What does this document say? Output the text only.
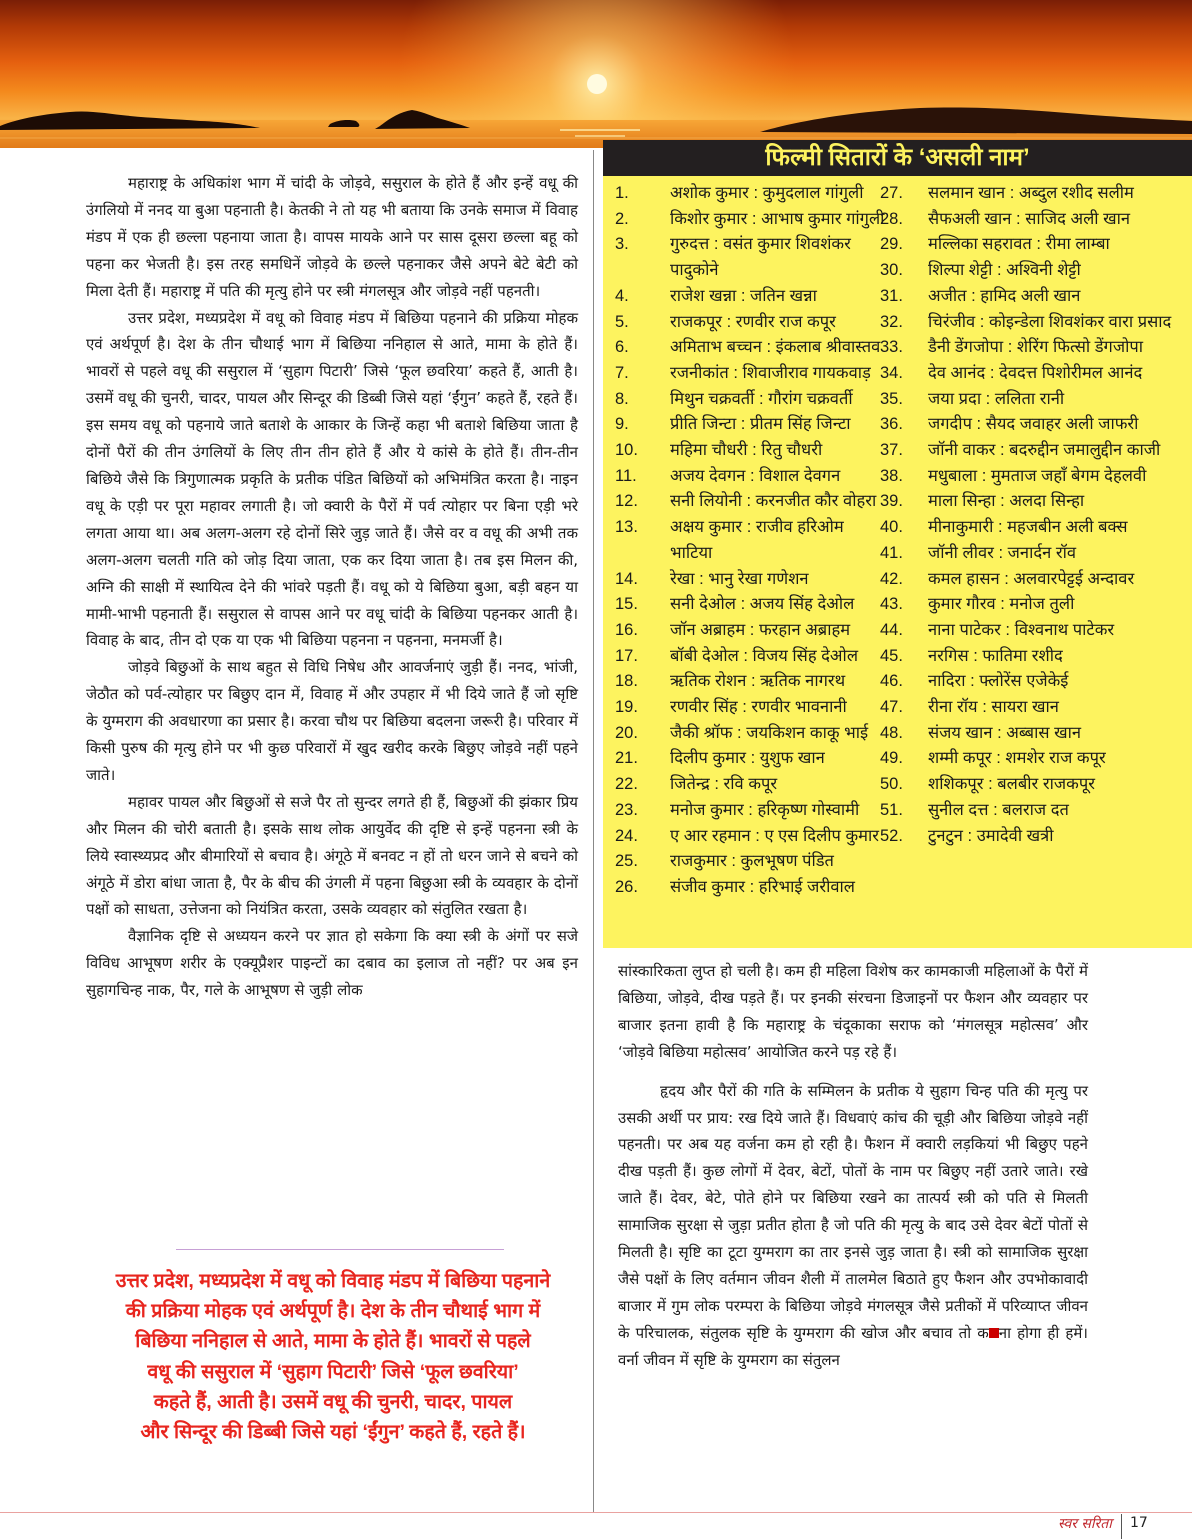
फिल्मी सितारों के ‘असली नाम’
1. अशोक कुमार : कुमुदलाल गांगुली
2. किशोर कुमार : आभाष कुमार गांगुली
3. गुरुदत्त : वसंत कुमार शिवशंकर पादुकोने
4. राजेश खन्ना : जतिन खन्ना
5. राजकपूर : रणवीर राज कपूर
6. अमिताभ बच्चन : इंकलाब श्रीवास्तव
7. रजनीकांत : शिवाजीराव गायकवाड़
8. मिथुन चक्रवर्ती : गौरांग चक्रवर्ती
9. प्रीति जिन्टा : प्रीतम सिंह जिन्टा
10. महिमा चौधरी : रितु चौधरी
11. अजय देवगन : विशाल देवगन
12. सनी लियोनी : करनजीत कौर वोहरा
13. अक्षय कुमार : राजीव हरिओम भाटिया
14. रेखा : भानु रेखा गणेशन
15. सनी देओल : अजय सिंह देओल
16. जॉन अब्राहम : फरहान अब्राहम
17. बॉबी देओल : विजय सिंह देओल
18. ऋतिक रोशन : ऋतिक नागरथ
19. रणवीर सिंह : रणवीर भावनानी
20. जैकी श्रॉफ : जयकिशन काकू भाई
21. दिलीप कुमार : युशुफ खान
22. जितेन्द्र : रवि कपूर
23. मनोज कुमार : हरिकृष्ण गोस्वामी
24. ए आर रहमान : ए एस दिलीप कुमार
25. राजकुमार : कुलभूषण पंडित
26. संजीव कुमार : हरिभाई जरीवाल
27. सलमान खान : अब्दुल रशीद सलीम
28. सैफअली खान : साजिद अली खान
29. मल्लिका सहरावत : रीमा लाम्बा
30. शिल्पा शेट्टी : अश्विनी शेट्टी
31. अजीत : हामिद अली खान
32. चिरंजीव : कोइन्डेला शिवशंकर वारा प्रसाद
33. डैनी डेंगजोपा : शेरिंग फित्सो डेंगजोपा
34. देव आनंद : देवदत्त पिशोरीमल आनंद
35. जया प्रदा : ललिता रानी
36. जगदीप : सैयद जवाहर अली जाफरी
37. जॉनी वाकर : बदरुद्दीन जमालुद्दीन काजी
38. मधुबाला : मुमताज जहाँ बेगम देहलवी
39. माला सिन्हा : अलदा सिन्हा
40. मीनाकुमारी : महजबीन अली बक्स
41. जॉनी लीवर : जनार्दन रॉव
42. कमल हासन : अलवारपेट्टई अन्दावर
43. कुमार गौरव : मनोज तुली
44. नाना पाटेकर : विश्वनाथ पाटेकर
45. नरगिस : फातिमा रशीद
46. नादिरा : फ्लोरेंस एजेकेई
47. रीना रॉय : सायरा खान
48. संजय खान : अब्बास खान
49. शम्मी कपूर : शमशेर राज कपूर
50. शशिकपूर : बलबीर राजकपूर
51. सुनील दत्त : बलराज दत
52. टुनटुन : उमादेवी खत्री

महाराष्ट्र के अधिकांश भाग में चांदी के जोड़वे, ससुराल के होते हैं और इन्हें वधू की उंगलियो में ननद या बुआ पहनाती है। केतकी ने तो यह भी बताया कि उनके समाज में विवाह मंडप में एक ही छल्ला पहनाया जाता है। वापस मायके आने पर सास दूसरा छल्ला बहू को पहना कर भेजती है। इस तरह समधिनें जोड़वे के छल्ले पहनाकर जैसे अपने बेटे बेटी को मिला देती हैं। महाराष्ट्र में पति की मृत्यु होने पर स्त्री मंगलसूत्र और जोड़वे नहीं पहनती।

उत्तर प्रदेश, मध्यप्रदेश में वधू को विवाह मंडप में बिछिया पहनाने की प्रक्रिया मोहक एवं अर्थपूर्ण है। देश के तीन चौथाई भाग में बिछिया ननिहाल से आते, मामा के होते हैं। भावरों से पहले वधू की ससुराल में ‘सुहाग पिटारी’ जिसे ‘फूल छवरिया’ कहते हैं, आती है। उसमें वधू की चुनरी, चादर, पायल और सिन्दूर की डिब्बी जिसे यहां ‘ईंगुन’ कहते हैं, रहते हैं। इस समय वधू को पहनाये जाते बताशे के आकार के जिन्हें कहा भी बताशे बिछिया जाता है दोनों पैरों की तीन उंगलियों के लिए तीन तीन होते हैं और ये कांसे के होते हैं। तीन-तीन बिछिये जैसे कि त्रिगुणात्मक प्रकृति के प्रतीक पंडित बिछियों को अभिमंत्रित करता है। नाइन वधू के एड़ी पर पूरा महावर लगाती है। जो क्वारी के पैरों में पर्व त्योहार पर बिना एड़ी भरे लगता आया था। अब अलग-अलग रहे दोनों सिरे जुड़ जाते हैं। जैसे वर व वधू की अभी तक अलग-अलग चलती गति को जोड़ दिया जाता, एक कर दिया जाता है। तब इस मिलन की, अग्नि की साक्षी में स्थायित्व देने की भांवरे पड़ती हैं। वधू को ये बिछिया बुआ, बड़ी बहन या मामी-भाभी पहनाती हैं। ससुराल से वापस आने पर वधू चांदी के बिछिया पहनकर आती है। विवाह के बाद, तीन दो एक या एक भी बिछिया पहनना न पहनना, मनमर्जी है।

जोड़वे बिछुओं के साथ बहुत से विधि निषेध और आवर्जनाएं जुड़ी हैं। ननद, भांजी, जेठौत को पर्व-त्योहार पर बिछुए दान में, विवाह में और उपहार में भी दिये जाते हैं जो सृष्टि के युग्मराग की अवधारणा का प्रसार है। करवा चौथ पर बिछिया बदलना जरूरी है। परिवार में किसी पुरुष की मृत्यु होने पर भी कुछ परिवारों में खुद खरीद करके बिछुए जोड़वे नहीं पहने जाते।

महावर पायल और बिछुओं से सजे पैर तो सुन्दर लगते ही हैं, बिछुओं की झंकार प्रिय और मिलन की चोरी बताती है। इसके साथ लोक आयुर्वेद की दृष्टि से इन्हें पहनना स्त्री के लिये स्वास्थ्यप्रद और बीमारियों से बचाव है। अंगूठे में बनवट न हों तो धरन जाने से बचने को अंगूठे में डोरा बांधा जाता है, पैर के बीच की उंगली में पहना बिछुआ स्त्री के व्यवहार के दोनों पक्षों को साधता, उत्तेजना को नियंत्रित करता, उसके व्यवहार को संतुलित रखता है।

वैज्ञानिक दृष्टि से अध्ययन करने पर ज्ञात हो सकेगा कि क्या स्त्री के अंगों पर सजे विविध आभूषण शरीर के एक्यूप्रैशर पाइन्टों का दबाव का इलाज तो नहीं? पर अब इन सुहागचिन्ह नाक, पैर, गले के आभूषण से जुड़ी लोक

उत्तर प्रदेश, मध्यप्रदेश में वधू को विवाह मंडप में बिछिया पहनाने
की प्रक्रिया मोहक एवं अर्थपूर्ण है। देश के तीन चौथाई भाग में
बिछिया ननिहाल से आते, मामा के होते हैं। भावरों से पहले
वधू की ससुराल में ‘सुहाग पिटारी’ जिसे ‘फूल छवरिया’
कहते हैं, आती है। उसमें वधू की चुनरी, चादर, पायल
और सिन्दूर की डिब्बी जिसे यहां ‘ईंगुन’ कहते हैं, रहते हैं।

सांस्कारिकता लुप्त हो चली है। कम ही महिला विशेष कर कामकाजी महिलाओं के पैरों में बिछिया, जोड़वे, दीख पड़ते हैं। पर इनकी संरचना डिजाइनों पर फैशन और व्यवहार पर बाजार इतना हावी है कि महाराष्ट्र के चंदूकाका सराफ को ‘मंगलसूत्र महोत्सव’ और ‘जोड़वे बिछिया महोत्सव’ आयोजित करने पड़ रहे हैं।

हृदय और पैरों की गति के सम्मिलन के प्रतीक ये सुहाग चिन्ह पति की मृत्यु पर उसकी अर्थी पर प्राय: रख दिये जाते हैं। विधवाएं कांच की चूड़ी और बिछिया जोड़वे नहीं पहनती। पर अब यह वर्जना कम हो रही है। फैशन में क्वारी लड़कियां भी बिछुए पहने दीख पड़ती हैं। कुछ लोगों में देवर, बेटों, पोतों के नाम पर बिछुए नहीं उतारे जाते। रखे जाते हैं। देवर, बेटे, पोते होने पर बिछिया रखने का तात्पर्य स्त्री को पति से मिलती सामाजिक सुरक्षा से जुड़ा प्रतीत होता है जो पति की मृत्यु के बाद उसे देवर बेटों पोतों से मिलती है। सृष्टि का टूटा युग्मराग का तार इनसे जुड़ जाता है। स्त्री को सामाजिक सुरक्षा जैसे पक्षों के लिए वर्तमान जीवन शैली में तालमेल बिठाते हुए फैशन और उपभोकावादी बाजार में गुम लोक परम्परा के बिछिया जोड़वे मंगलसूत्र जैसे प्रतीकों में परिव्याप्त जीवन के परिचालक, संतुलक सृष्टि के युग्मराग की खोज और बचाव तो क ना होगा ही हमें। वर्ना जीवन में सृष्टि के युग्मराग का संतुलन

स्वर सरिता 17
